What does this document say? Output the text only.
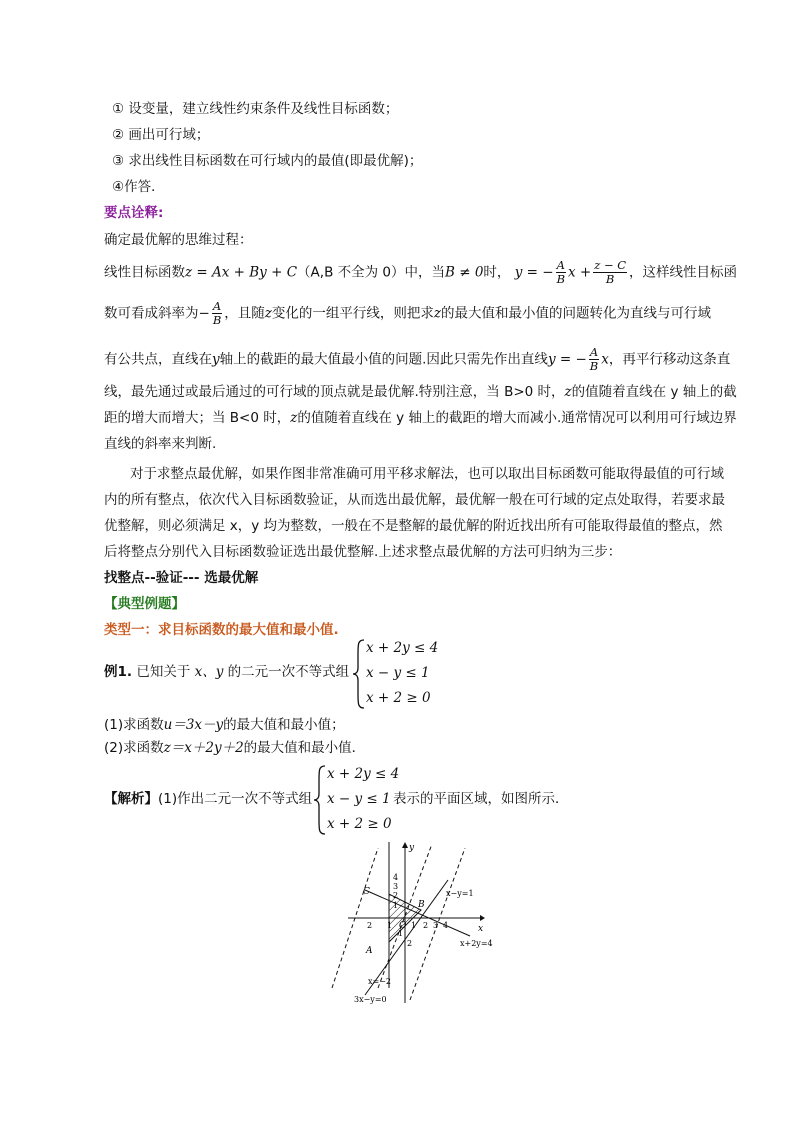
① 设变量，建立线性约束条件及线性目标函数；
② 画出可行域；
③ 求出线性目标函数在可行域内的最值(即最优解)；
④作答．
要点诠释:
确定最优解的思维过程：
线性目标函数z = Ax + By + C（A,B 不全为 0）中，当B ≠ 0时， y = − $\frac{A}{B}$ $x + \frac{z - C}{B}$ ，这样线性目标函
数可看成斜率为− $\frac{A}{B}$ ，且随z变化的一组平行线，则把求z的最大值和最小值的问题转化为直线与可行域
有公共点，直线在y轴上的截距的最大值最小值的问题.因此只需先作出直线y = − $\frac{A}{B}$ x，再平行移动这条直
线，最先通过或最后通过的可行域的顶点就是最优解.特别注意，当 B>0 时，z的值随着直线在 y 轴上的截
距的增大而增大；当 B<0 时，z的值随着直线在 y 轴上的截距的增大而减小.通常情况可以利用可行域边界
直线的斜率来判断.
对于求整点最优解，如果作图非常准确可用平移求解法，也可以取出目标函数可能取得最值的可行域
内的所有整点，依次代入目标函数验证，从而选出最优解，最优解一般在可行域的定点处取得，若要求最
优整解，则必须满足 x，y 均为整数，一般在不是整解的最优解的附近找出所有可能取得最值的整点，然
后将整点分别代入目标函数验证选出最优整解.上述求整点最优解的方法可归纳为三步：
找整点--验证--- 选最优解
【典型例题】
类型一：求目标函数的最大值和最小值.
例1. 已知关于 x、y 的二元一次不等式组
x + 2y ≤ 4
x − y ≤ 1
x + 2 ≥ 0
(1)求函数u＝3x－y的最大值和最小值；
(2)求函数z＝x＋2y＋2的最大值和最小值．
【解析】(1)作出二元一次不等式组
x + 2y ≤ 4
x − y ≤ 1
x + 2 ≥ 0
表示的平面区域，如图所示．
y
x
O
4
3
2
1
1 2 3 4
2 1
1
2
A
B
C	x−y=1
x+2y=4
x=−2
3x−y=0
